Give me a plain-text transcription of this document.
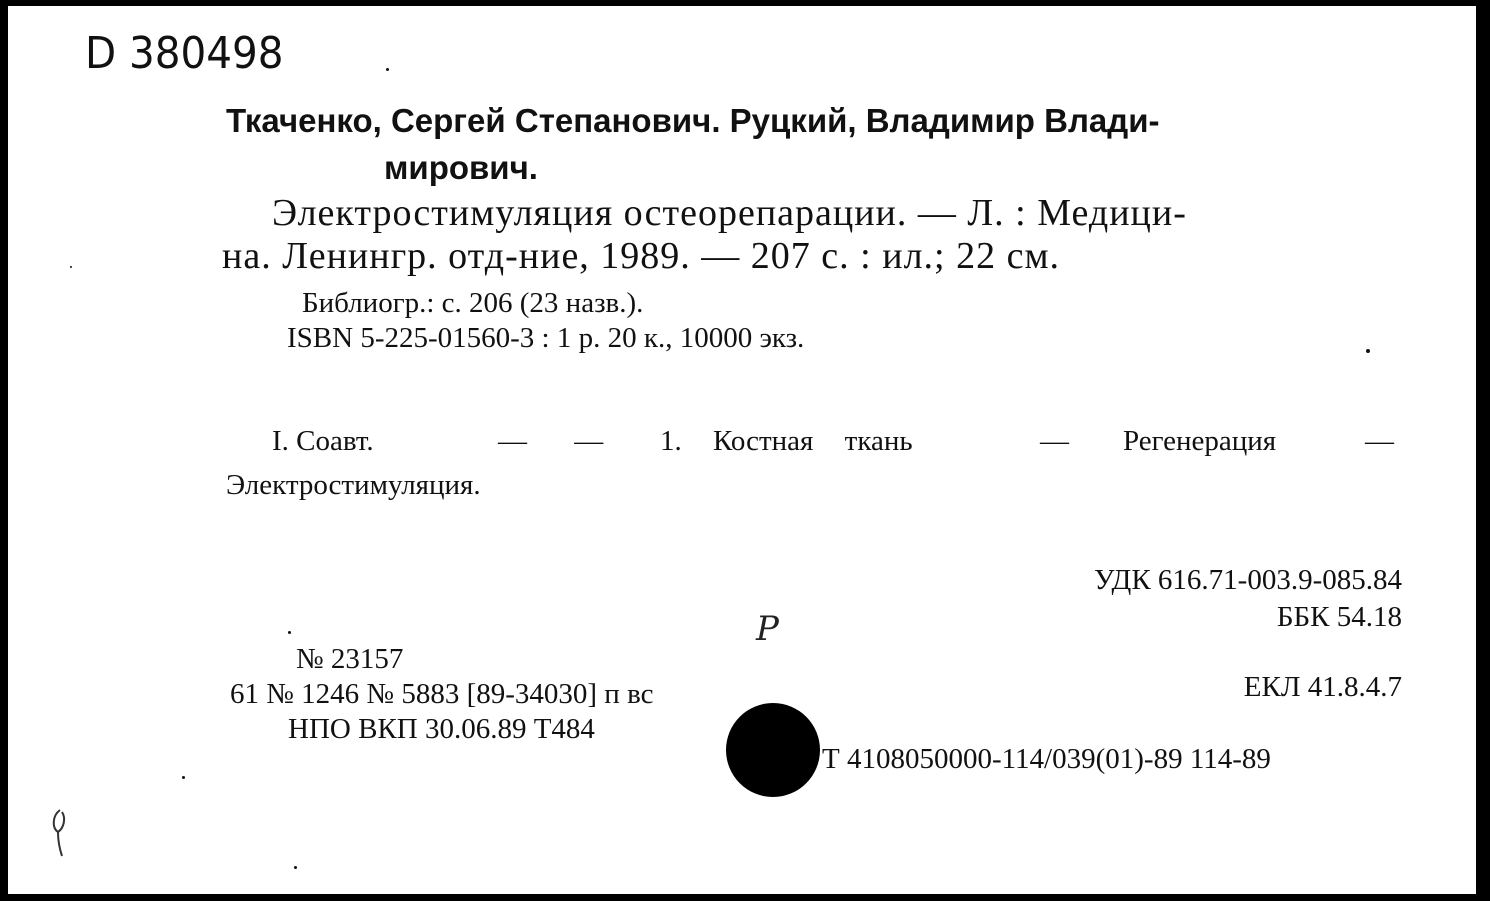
D 380498
Ткаченко, Сергей Степанович. Руцкий, Владимир Влади-
мирович.
Электростимуляция остеорепарации. — Л. : Медици-
на. Ленингр. отд-ние, 1989. — 207 с. : ил.; 22 см.
Библиогр.: с. 206 (23 назв.).
ISBN 5-225-01560-3 : 1 р. 20 к., 10000 экз.
I. Соавт.	— — 1. Костная ткань	— Регенерация	—
Электростимуляция.
УДК 616.71-003.9-085.84
ББК 54.18
ЕКЛ 41.8.4.7
№ 23157
61 № 1246 № 5883 [89-34030] п вс
НПО ВКП 30.06.89 Т484
Р
Т 4108050000-114/039(01)-89 114-89
